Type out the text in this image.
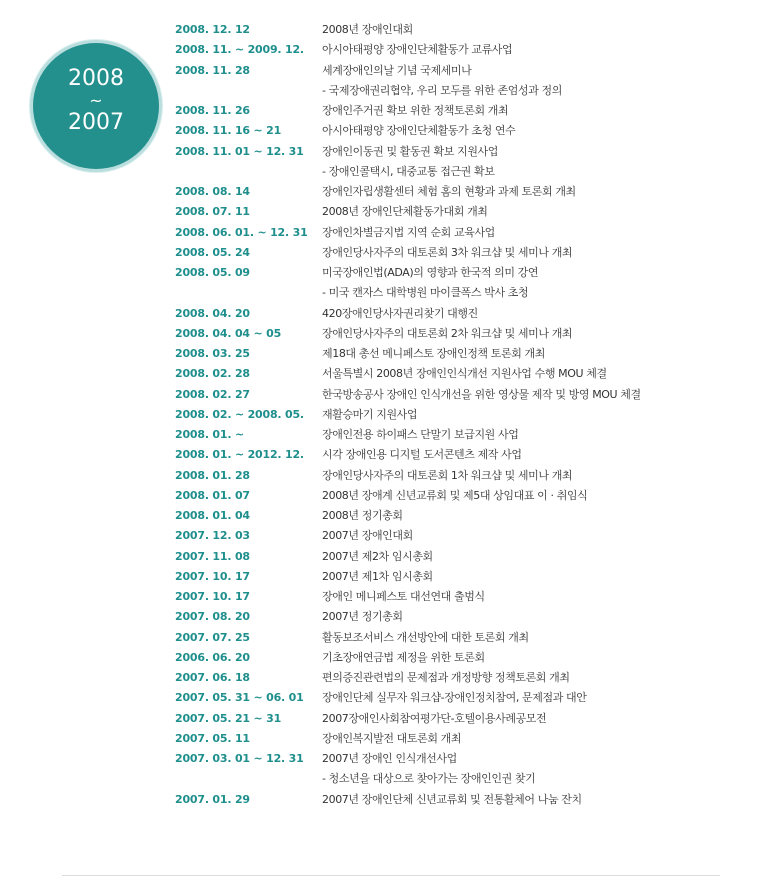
2008
~
2007
2008. 12. 12	2008년 장애인대회
2008. 11. ~ 2009. 12. 아시아태평양 장애인단체활동가 교류사업
2008. 11. 28	세계장애인의날 기념 국제세미나
- 국제장애권리협약, 우리 모두를 위한 존엄성과 정의
2008. 11. 26	장애인주거권 확보 위한 정책토론회 개최
2008. 11. 16 ~ 21	아시아태평양 장애인단체활동가 초청 연수
2008. 11. 01 ~ 12. 31 장애인이동권 및 활동권 확보 지원사업
- 장애인콜택시, 대중교통 접근권 확보
2008. 08. 14	장애인자립생활센터 체험 홈의 현황과 과제 토론회 개최
2008. 07. 11	2008년 장애인단체활동가대회 개최
2008. 06. 01. ~ 12. 31 장애인차별금지법 지역 순회 교육사업
2008. 05. 24	장애인당사자주의 대토론회 3차 워크샵 및 세미나 개최
2008. 05. 09	미국장애인법(ADA)의 영향과 한국적 의미 강연
- 미국 캔자스 대학병원 마이클폭스 박사 초청
2008. 04. 20	420장애인당사자권리찾기 대행진
2008. 04. 04 ~ 05	장애인당사자주의 대토론회 2차 워크샵 및 세미나 개최
2008. 03. 25	제18대 총선 메니페스토 장애인정책 토론회 개최
2008. 02. 28	서울특별시 2008년 장애인인식개선 지원사업 수행 MOU 체결
2008. 02. 27	한국방송공사 장애인 인식개선을 위한 영상물 제작 및 방영 MOU 체결
2008. 02. ~ 2008. 05. 재활승마기 지원사업
2008. 01. ~	장애인전용 하이패스 단말기 보급지원 사업
2008. 01. ~ 2012. 12. 시각 장애인용 디지털 도서콘텐츠 제작 사업
2008. 01. 28	장애인당사자주의 대토론회 1차 워크샵 및 세미나 개최
2008. 01. 07	2008년 장애계 신년교류회 및 제5대 상임대표 이 · 취임식
2008. 01. 04	2008년 정기총회
2007. 12. 03	2007년 장애인대회
2007. 11. 08	2007년 제2차 임시총회
2007. 10. 17	2007년 제1차 임시총회
2007. 10. 17	장애인 메니페스토 대선연대 출범식
2007. 08. 20	2007년 정기총회
2007. 07. 25	활동보조서비스 개선방안에 대한 토론회 개최
2006. 06. 20	기초장애연금법 제정을 위한 토론회
2007. 06. 18	편의증진관련법의 문제점과 개정방향 정책토론회 개최
2007. 05. 31 ~ 06. 01 장애인단체 실무자 워크샵-장애인정치참여, 문제점과 대안
2007. 05. 21 ~ 31	2007장애인사회참여평가단-호텔이용사례공모전
2007. 05. 11	장애인복지발전 대토론회 개최
2007. 03. 01 ~ 12. 31 2007년 장애인 인식개선사업
- 청소년을 대상으로 찾아가는 장애인인권 찾기
2007. 01. 29	2007년 장애인단체 신년교류회 및 전통활체어 나눔 잔치
